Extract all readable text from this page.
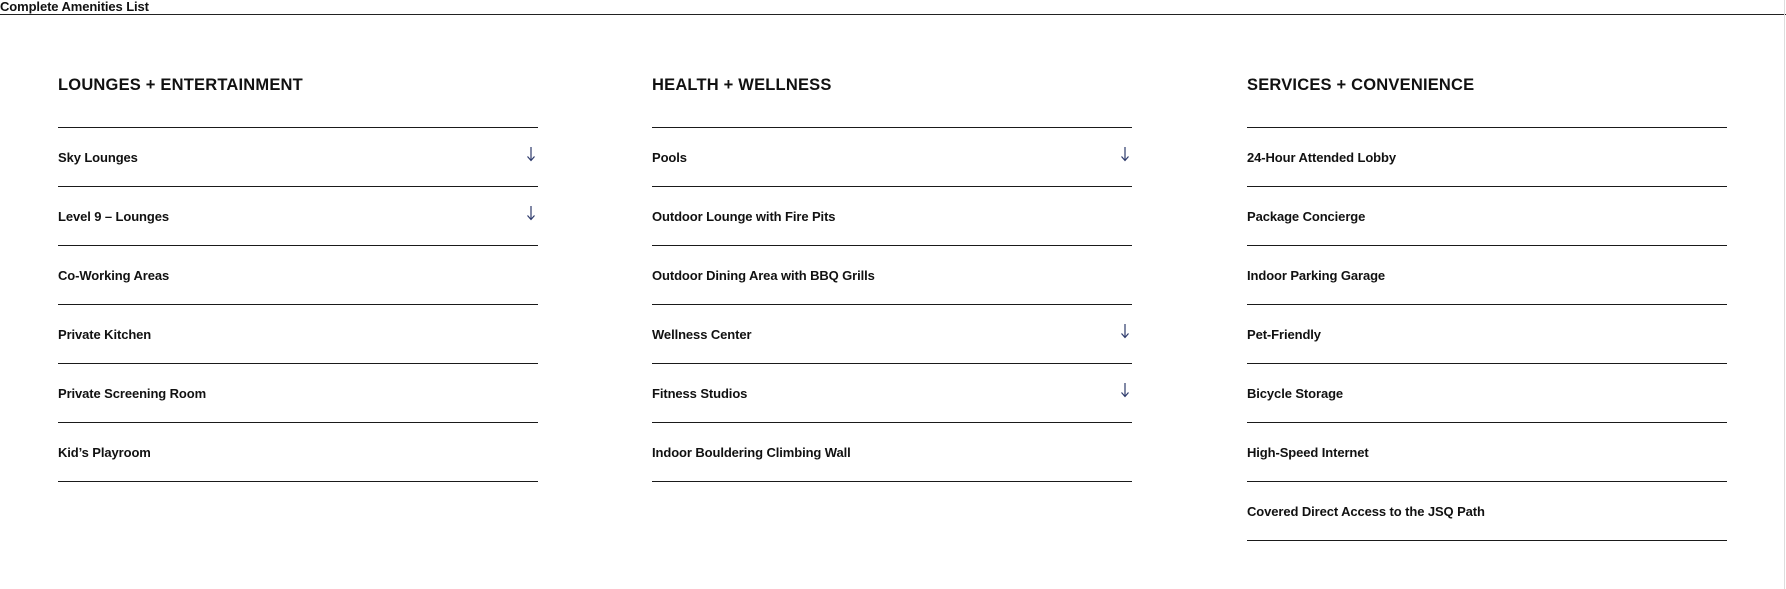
Complete Amenities List
LOUNGES + ENTERTAINMENT
Sky Lounges
Level 9 – Lounges
Co-Working Areas
Private Kitchen
Private Screening Room
Kid’s Playroom
HEALTH + WELLNESS
Pools
Outdoor Lounge with Fire Pits
Outdoor Dining Area with BBQ Grills
Wellness Center
Fitness Studios
Indoor Bouldering Climbing Wall
SERVICES + CONVENIENCE
24-Hour Attended Lobby
Package Concierge
Indoor Parking Garage
Pet-Friendly
Bicycle Storage
High-Speed Internet
Covered Direct Access to the JSQ Path
